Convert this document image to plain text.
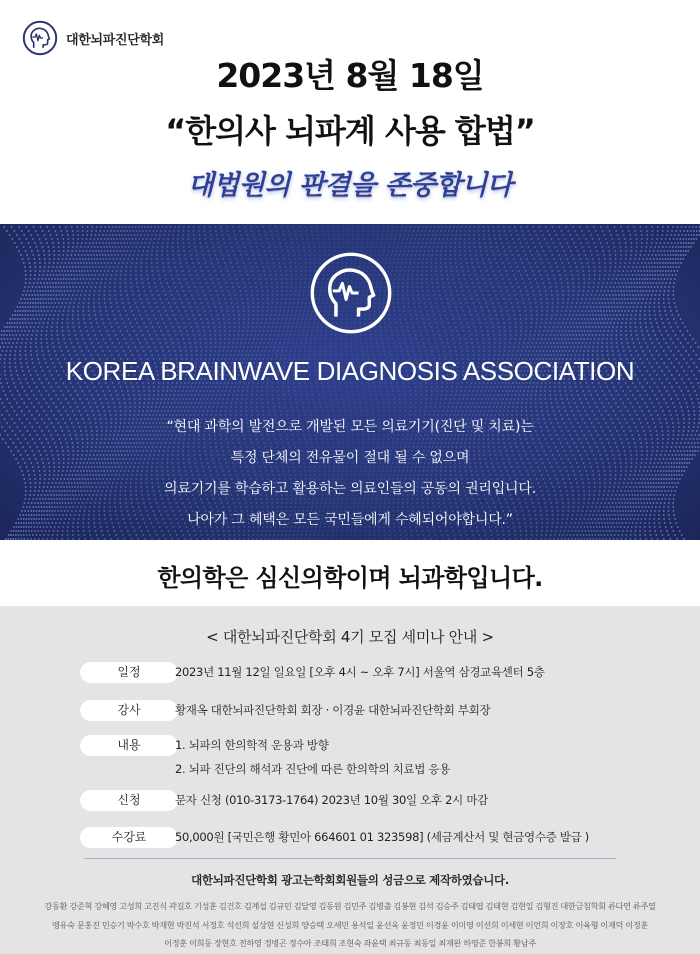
대한뇌파진단학회
2023년 8월 18일
“한의사 뇌파계 사용 합법”
대법원의 판결을 존중합니다
KOREA BRAINWAVE DIAGNOSIS ASSOCIATION

“현대 과학의 발전으로 개발된 모든 의료기기(진단 및 치료)는

특정 단체의 전유물이 절대 될 수 없으며

의료기기를 학습하고 활용하는 의료인들의 공동의 권리입니다.

나아가 그 혜택은 모든 국민들에게 수혜되어야합니다.”

한의학은 심신의학이며 뇌과학입니다.
< 대한뇌파진단학회 4기 모집 세미나 안내 >
일정	2023년 11월 12일 일요일 [오후 4시 ~ 오후 7시] 서울역 삼경교육센터 5층
강사	황재옥 대한뇌파진단학회 회장 · 이경윤 대한뇌파진단학회 부회장
내용	1. 뇌파의 한의학적 운용과 방향
2. 뇌파 진단의 해석과 진단에 따른 한의학의 치료법 응용
신청	문자 신청 (010-3173-1764) 2023년 10월 30일 오후 2시 마감
수강료	50,000원 [국민은행 황민아 664601 01 323598] (세금계산서 및 현금영수증 발급 )
대한뇌파진단학회 광고는학회회원들의 성금으로 제작하였습니다.
강동환 강준혁 강혜영 고성희 고진식 곽길호 기성훈 김건호 김계섭 김규민 김달영 김동원 김민주 김병출 김봉현 김석 김승주 김태엽 김태현 김현일 김형진 대한금침학회 류다연 류주열
맹유숙 문홍진 민승기 박수호 박재현 박진석 서정호 석선희 설상현 신성희 양승택 오세민 용석일 윤선욱 윤정민 이경윤 이미영 이선희 이세현 이언희 이장호 이육형 이재덕 이정훈
이정훈 이희동 장현호 전하영 정병곤 정수아 조태희 조현숙 좌윤택 최규동 최동일 최재완 하영준 한봉희 황남주
